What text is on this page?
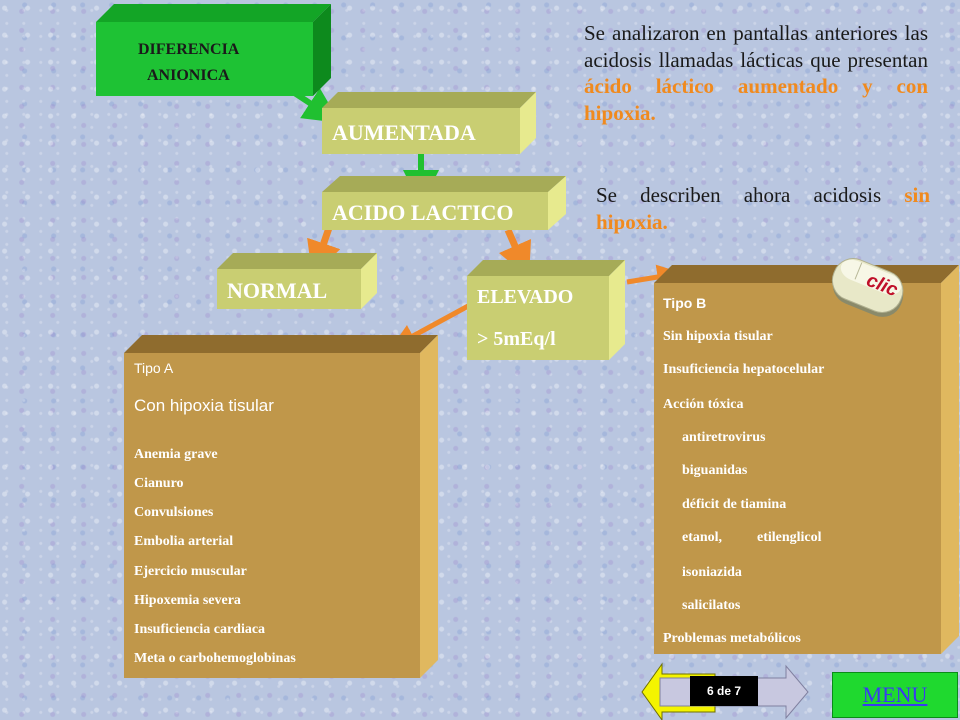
DIFERENCIA
ANIONICA
AUMENTADA
ACIDO LACTICO
NORMAL	ELEVADO
> 5mEq/l
Tipo A
Con hipoxia tisular
Anemia grave
Cianuro
Convulsiones
Embolia arterial
Ejercicio muscular
Hipoxemia severa
Insuficiencia cardiaca
Meta o carbohemoglobinas
Tipo B
Sin hipoxia tisular
Insuficiencia hepatocelular
Acción tóxica
antiretrovirus
biguanidas
déficit de tiamina
etanol, etilenglicol
isoniazida
salicilatos
Problemas metabólicos
clic
Se analizaron en pantallas anteriores las acidosis llamadas lácticas que presentan ácido láctico aumentado y con hipoxia.
Se describen ahora acidosis sin hipoxia.
6 de 7	MENU
